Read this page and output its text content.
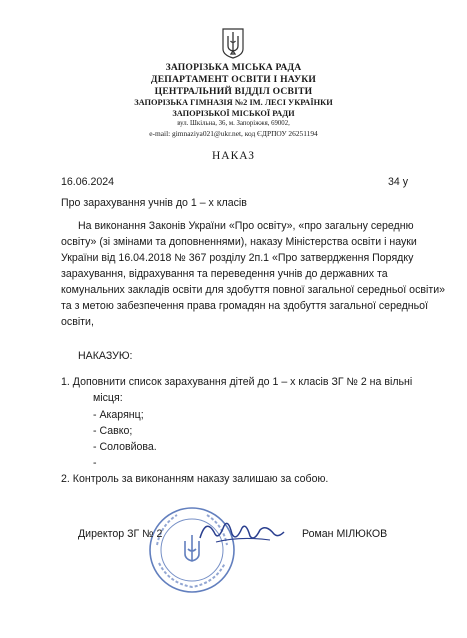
ЗАПОРІЗЬКА МІСЬКА РАДА
ДЕПАРТАМЕНТ ОСВІТИ І НАУКИ
ЦЕНТРАЛЬНИЙ ВІДДІЛ ОСВІТИ
ЗАПОРІЗЬКА ГІМНАЗІЯ №2 ІМ. ЛЕСІ УКРАЇНКИ
ЗАПОРІЗЬКОЇ МІСЬКОЇ РАДИ
вул. Шкільна, 36, м. Запоріжжя, 69002,
e-mail: gimnaziya021@ukr.net, код ЄДРПОУ 26251194
НАКАЗ
16.06.2024	34 у
Про зарахування учнів до 1 – х класів
На виконання Законів України «Про освіту», «про загальну середню
освіту» (зі змінами та доповненнями), наказу Міністерства освіти і науки
України від 16.04.2018 № 367 розділу 2п.1 «Про затвердження Порядку
зарахування, відрахування та переведення учнів до державних та
комунальних закладів освіти для здобуття повної загальної середньої освіти»
та з метою забезпечення права громадян на здобуття загальної середньої
освіти,
НАКАЗУЮ:
1. Доповнити список зарахування дітей до 1 – х класів ЗГ № 2 на вільні
місця:
- Акарянц;
- Савко;
- Соловйова.
-
2. Контроль за виконанням наказу залишаю за собою.
Директор ЗГ № 2	Роман МІЛЮКОВ
